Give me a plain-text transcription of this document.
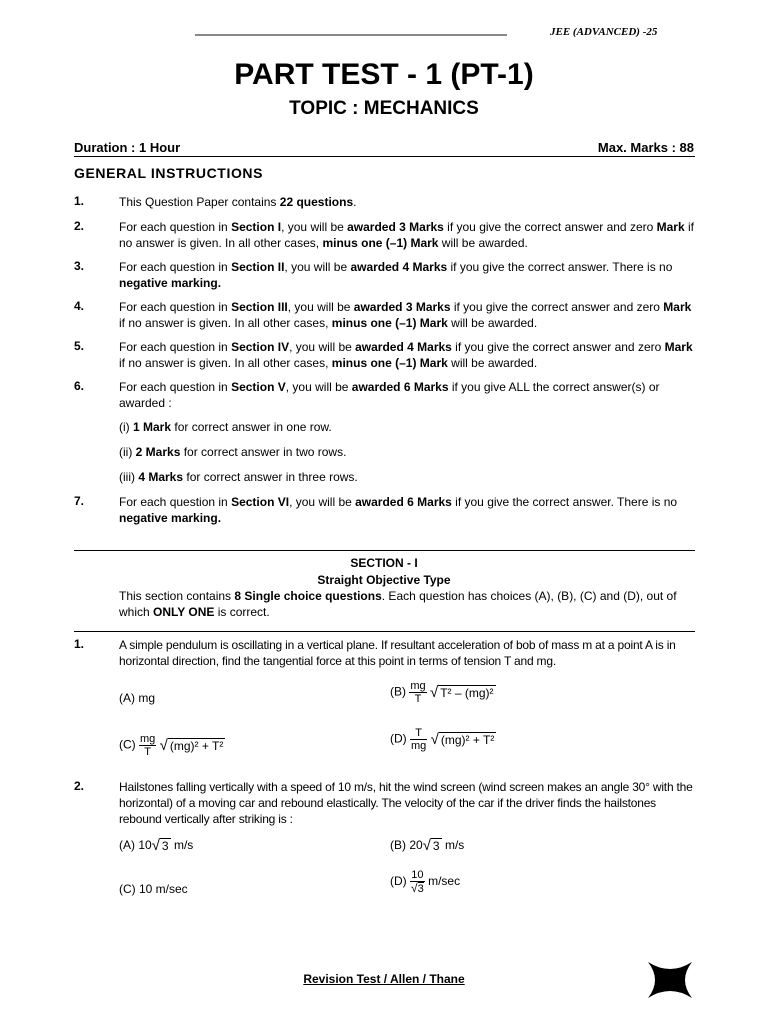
JEE (ADVANCED) -25
PART TEST - 1 (PT-1)
TOPIC : MECHANICS
Duration : 1 Hour	Max. Marks : 88
GENERAL INSTRUCTIONS
1.	This Question Paper contains 22 questions.
2.	For each question in Section I, you will be awarded 3 Marks if you give the correct answer and zero Mark if no answer is given. In all other cases, minus one (–1) Mark will be awarded.
3.	For each question in Section II, you will be awarded 4 Marks if you give the correct answer. There is no negative marking.
4.	For each question in Section III, you will be awarded 3 Marks if you give the correct answer and zero Mark if no answer is given. In all other cases, minus one (–1) Mark will be awarded.
5.	For each question in Section IV, you will be awarded 4 Marks if you give the correct answer and zero Mark if no answer is given. In all other cases, minus one (–1) Mark will be awarded.
6.	For each question in Section V, you will be awarded 6 Marks if you give ALL the correct answer(s) or awarded :
7.	For each question in Section VI, you will be awarded 6 Marks if you give the correct answer. There is no negative marking.
(i) 1 Mark for correct answer in one row.
(ii) 2 Marks for correct answer in two rows.
(iii) 4 Marks for correct answer in three rows.
SECTION - I
Straight Objective Type
This section contains 8 Single choice questions. Each question has choices (A), (B), (C) and (D), out of which ONLY ONE is correct.
1.	A simple pendulum is oscillating in a vertical plane. If resultant acceleration of bob of mass m at a point A is in horizontal direction, find the tangential force at this point in terms of tension T and mg.
(A) mg	$(B) \frac{mg}{T}$ √ T² – (mg)²
$(C) \frac{mg}{T}$ √ (mg)² + T²	$(D) \frac{T}{mg}$ √ (mg)² + T²
2.	Hailstones falling vertically with a speed of 10 m/s, hit the wind screen (wind screen makes an angle 30° with the horizontal) of a moving car and rebound elastically. The velocity of the car if the driver finds the hailstones rebound vertically after striking is :
(A) 10√ 3 m/s	(B) 20√ 3 m/s
(C) 10 m/sec
$(D) \frac{10}{√3} m/\sec$
Revision Test / Allen / Thane
